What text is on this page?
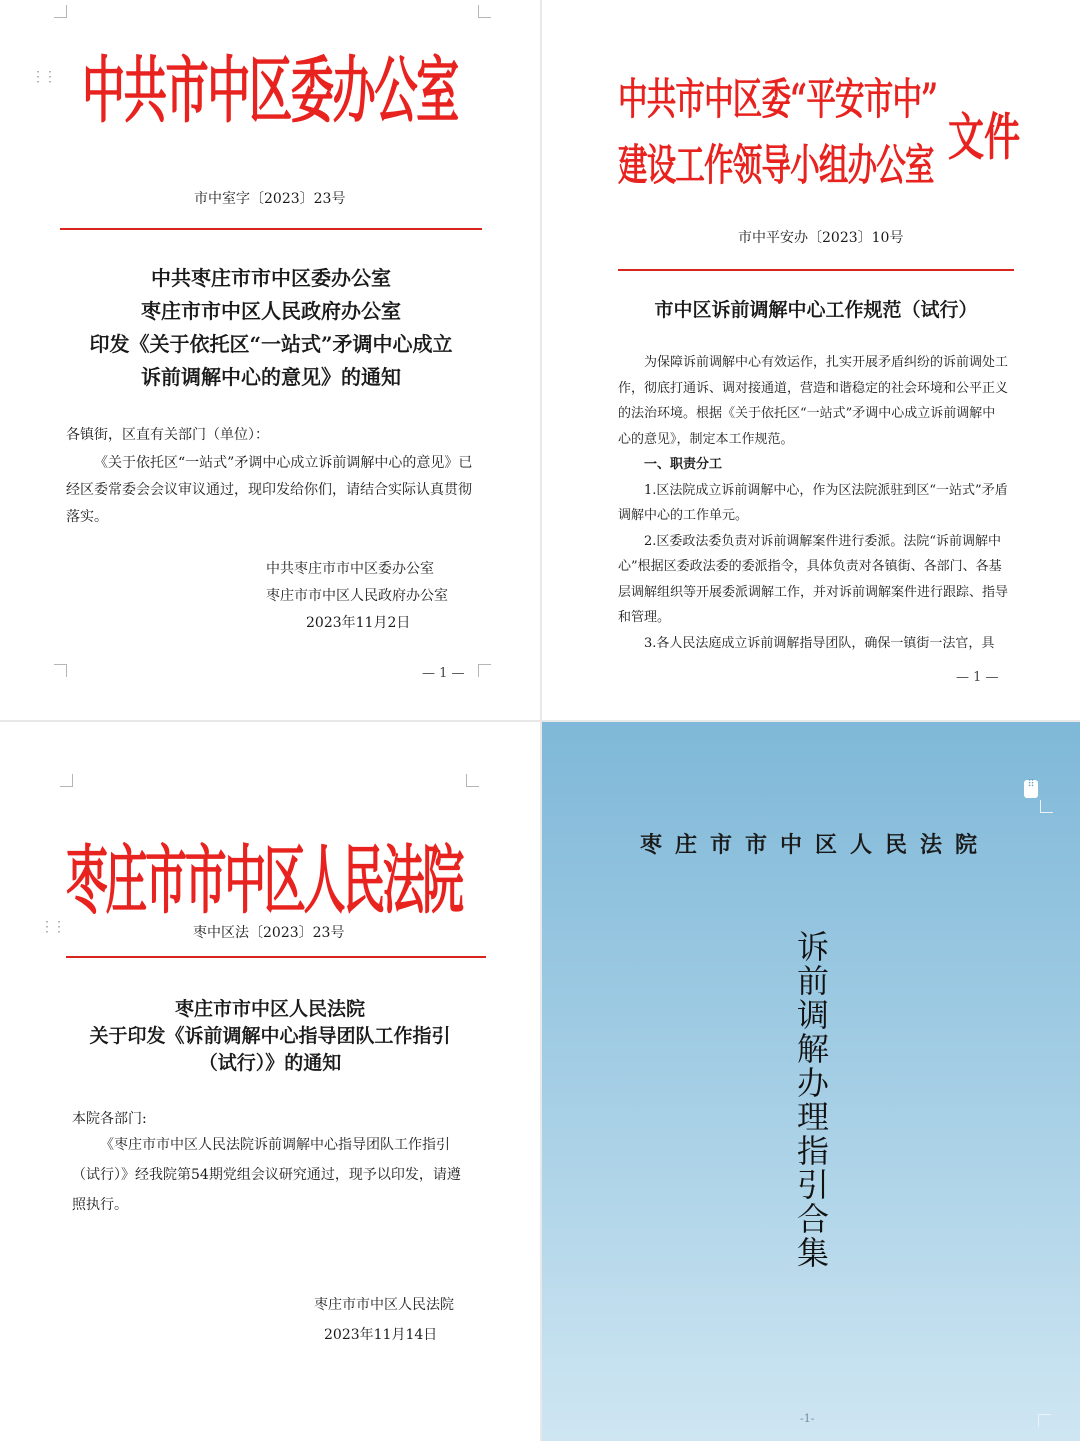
⋮⋮ 中共市中区委办公室
市中室字〔2023〕23号
中共枣庄市市中区委办公室
枣庄市市中区人民政府办公室
印发《关于依托区“一站式”矛调中心成立
诉前调解中心的意见》的通知
各镇街，区直有关部门（单位）：
《关于依托区“一站式”矛调中心成立诉前调解中心的意见》已经区委常委会会议审议通过，现印发给你们，请结合实际认真贯彻落实。
中共枣庄市市中区委办公室
枣庄市市中区人民政府办公室
2023年11月2日
— 1 —
中共市中区委“平安市中”
建设工作领导小组办公室 文件
市中平安办〔2023〕10号
市中区诉前调解中心工作规范（试行）
为保障诉前调解中心有效运作，扎实开展矛盾纠纷的诉前调处工作，彻底打通诉、调对接通道，营造和谐稳定的社会环境和公平正义的法治环境。根据《关于依托区“一站式”矛调中心成立诉前调解中心的意见》，制定本工作规范。
一、职责分工
1.区法院成立诉前调解中心，作为区法院派驻到区“一站式”矛盾调解中心的工作单元。
2.区委政法委负责对诉前调解案件进行委派。法院“诉前调解中心”根据区委政法委的委派指令，具体负责对各镇街、各部门、各基层调解组织等开展委派调解工作，并对诉前调解案件进行跟踪、指导和管理。
3.各人民法庭成立诉前调解指导团队，确保一镇街一法官，具
— 1 —
⋮⋮
枣庄市市中区人民法院
枣中区法〔2023〕23号
枣庄市市中区人民法院
关于印发《诉前调解中心指导团队工作指引
（试行）》的通知
本院各部门:
《枣庄市市中区人民法院诉前调解中心指导团队工作指引（试行）》经我院第54期党组会议研究通过，现予以印发，请遵照执行。
枣庄市市中区人民法院
2023年11月14日
⠿
枣庄市市中区人民法院
诉前调解办理指引合集
-1-
